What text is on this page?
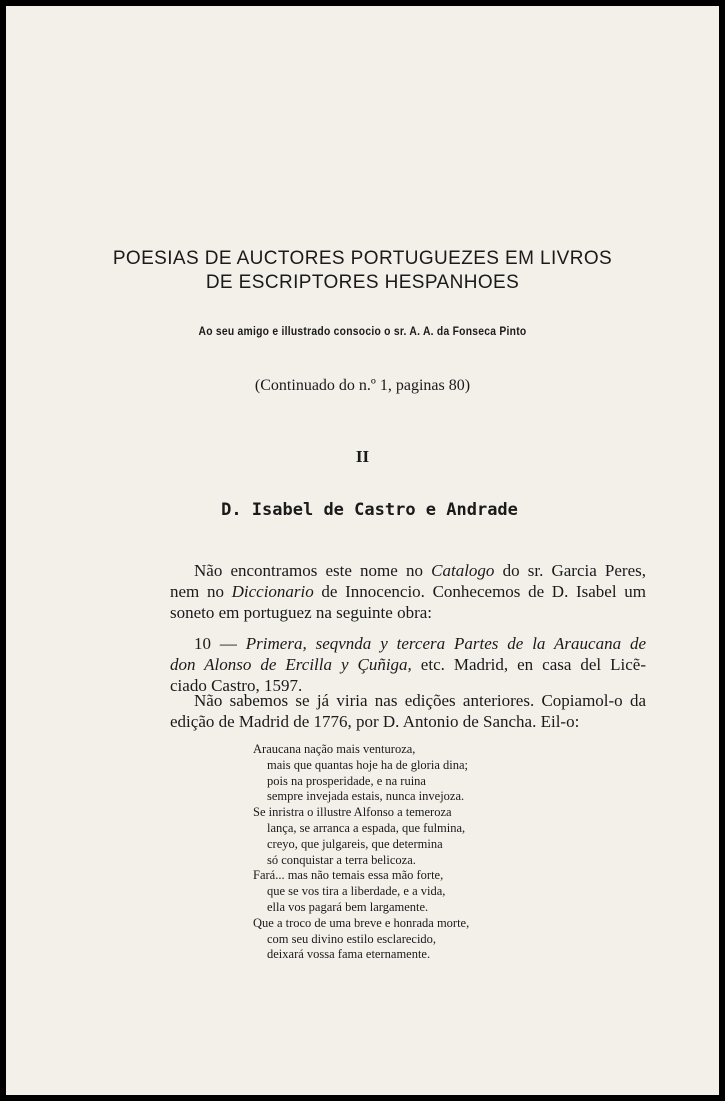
POESIAS DE AUCTORES PORTUGUEZES EM LIVROS
DE ESCRIPTORES HESPANHOES
Ao seu amigo e illustrado consocio o sr. A. A. da Fonseca Pinto
(Continuado do n.º 1, paginas 80)
II
D. Isabel de Castro e Andrade

Não encontramos este nome no Catalogo do sr. Garcia Peres,
nem no Diccionario de Innocencio. Conhecemos de D. Isabel um
soneto em portuguez na seguinte obra:

10 — Primera, seqvnda y tercera Partes de la Araucana de
don Alonso de Ercilla y Çuñiga, etc. Madrid, en casa del Licẽ-
ciado Castro, 1597.

Não sabemos se já viria nas edições anteriores. Copiamol-o da
edição de Madrid de 1776, por D. Antonio de Sancha. Eil-o:

Araucana nação mais venturoza,
mais que quantas hoje ha de gloria dina;
pois na prosperidade, e na ruina
sempre invejada estais, nunca invejoza.
Se inristra o illustre Alfonso a temeroza
lança, se arranca a espada, que fulmina,
creyo, que julgareis, que determina
só conquistar a terra belicoza.
Fará... mas não temais essa mão forte,
que se vos tira a liberdade, e a vida,
ella vos pagará bem largamente.
Que a troco de uma breve e honrada morte,
com seu divino estilo esclarecido,
deixará vossa fama eternamente.
